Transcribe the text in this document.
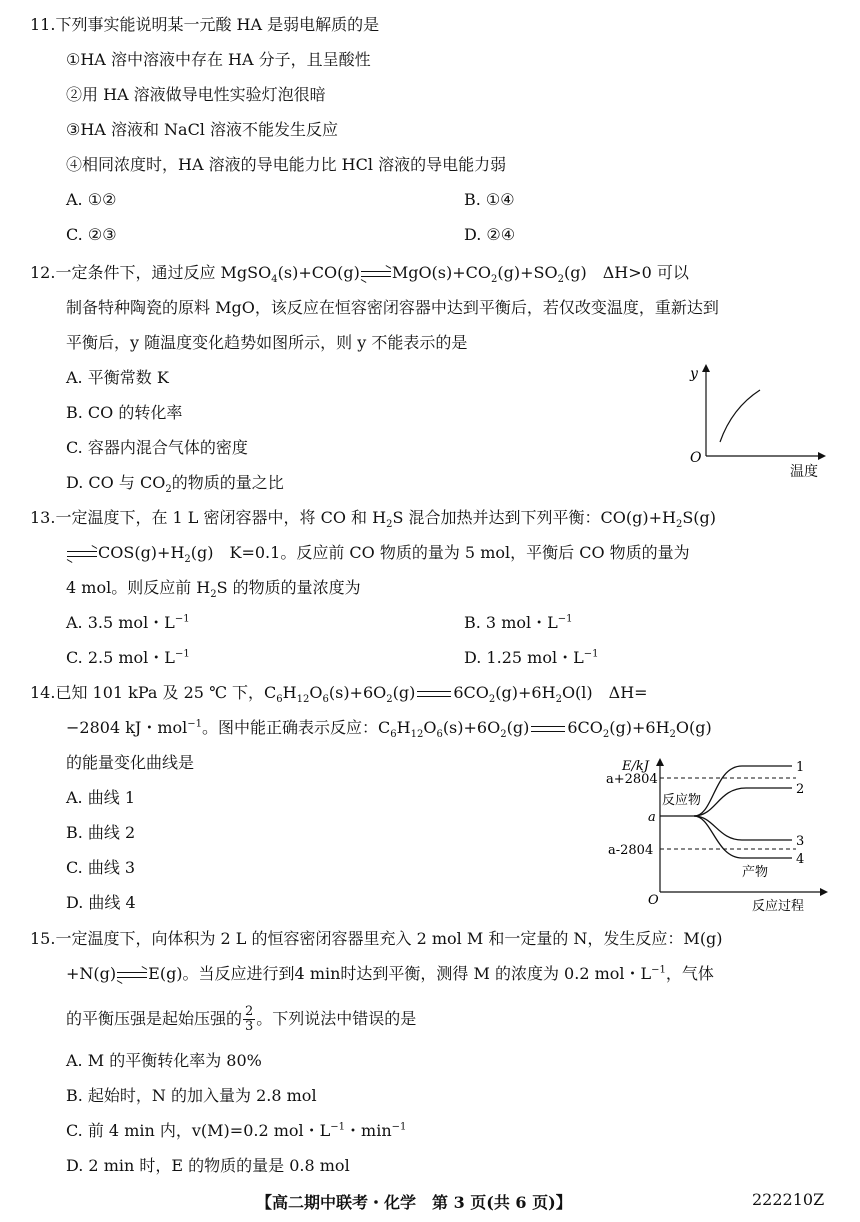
11.下列事实能说明某一元酸 HA 是弱电解质的是
①HA 溶中溶液中存在 HA 分子，且呈酸性
②用 HA 溶液做导电性实验灯泡很暗
③HA 溶液和 NaCl 溶液不能发生反应
④相同浓度时，HA 溶液的导电能力比 HCl 溶液的导电能力弱
A. ①②	B. ①④
C. ②③	D. ②④
12.一定条件下，通过反应 MgSO$_4$(s)+CO(g) $MgO(s)+CO_2(g)+SO_2(g)$　ΔH>0 可以
制备特种陶瓷的原料 MgO，该反应在恒容密闭容器中达到平衡后，若仅改变温度，重新达到
平衡后，y 随温度变化趋势如图所示，则 y 不能表示的是
A. 平衡常数 K
B. CO 的转化率
C. 容器内混合气体的密度
D. CO 与 $CO_2$的物质的量之比
y
O
温度
13.一定温度下，在 1 L 密闭容器中，将 CO 和 $H_2S$ 混合加热并达到下列平衡：$CO(g)+H_2S(g)$
$COS(g)+H_2(g)$　K=0.1。反应前 CO 物质的量为 5 mol，平衡后 CO 物质的量为
4 mol。则反应前 $H_2S$ 的物质的量浓度为
A. 3.5 mol・$L^{-1}$	B. 3 mol・$L^{-1}$
C. 2.5 mol・$L^{-1}$	D. 1.25 mol・$L^{-1}$
14.已知 101 kPa 及 25 ℃ 下，$C_6H_{12}O_6(s)+6O_2(g)$ $6CO_2(g)+6H_2O(l)$　ΔH=
−2804 kJ・mol$^{-1}$。图中能正确表示反应：$C_6H_{12}O_6(s)+6O_2(g)$ $6CO_2(g)+6H_2O(g)$
的能量变化曲线是
A. 曲线 1
B. 曲线 2
C. 曲线 3
D. 曲线 4
E/kJ
a+2804
a
a-2804
反应物
产物
O	反应过程
1
2
3
4
15.一定温度下，向体积为 2 L 的恒容密闭容器里充入 2 mol M 和一定量的 N，发生反应：M(g)
+N(g) E(g)。当反应进行到4 min时达到平衡，测得 M 的浓度为 0.2 mol・$L^{-1}$，气体
的平衡压强是起始压强的 $\frac{2}{3}$ 。下列说法中错误的是
A. M 的平衡转化率为 80%
B. 起始时，N 的加入量为 2.8 mol
C. 前 4 min 内，v(M)=0.2 mol・$L^{-1}$・$\min^{-1}$
D. 2 min 时，E 的物质的量是 0.8 mol
【高二期中联考・化学　第 3 页(共 6 页)】	222210Z
